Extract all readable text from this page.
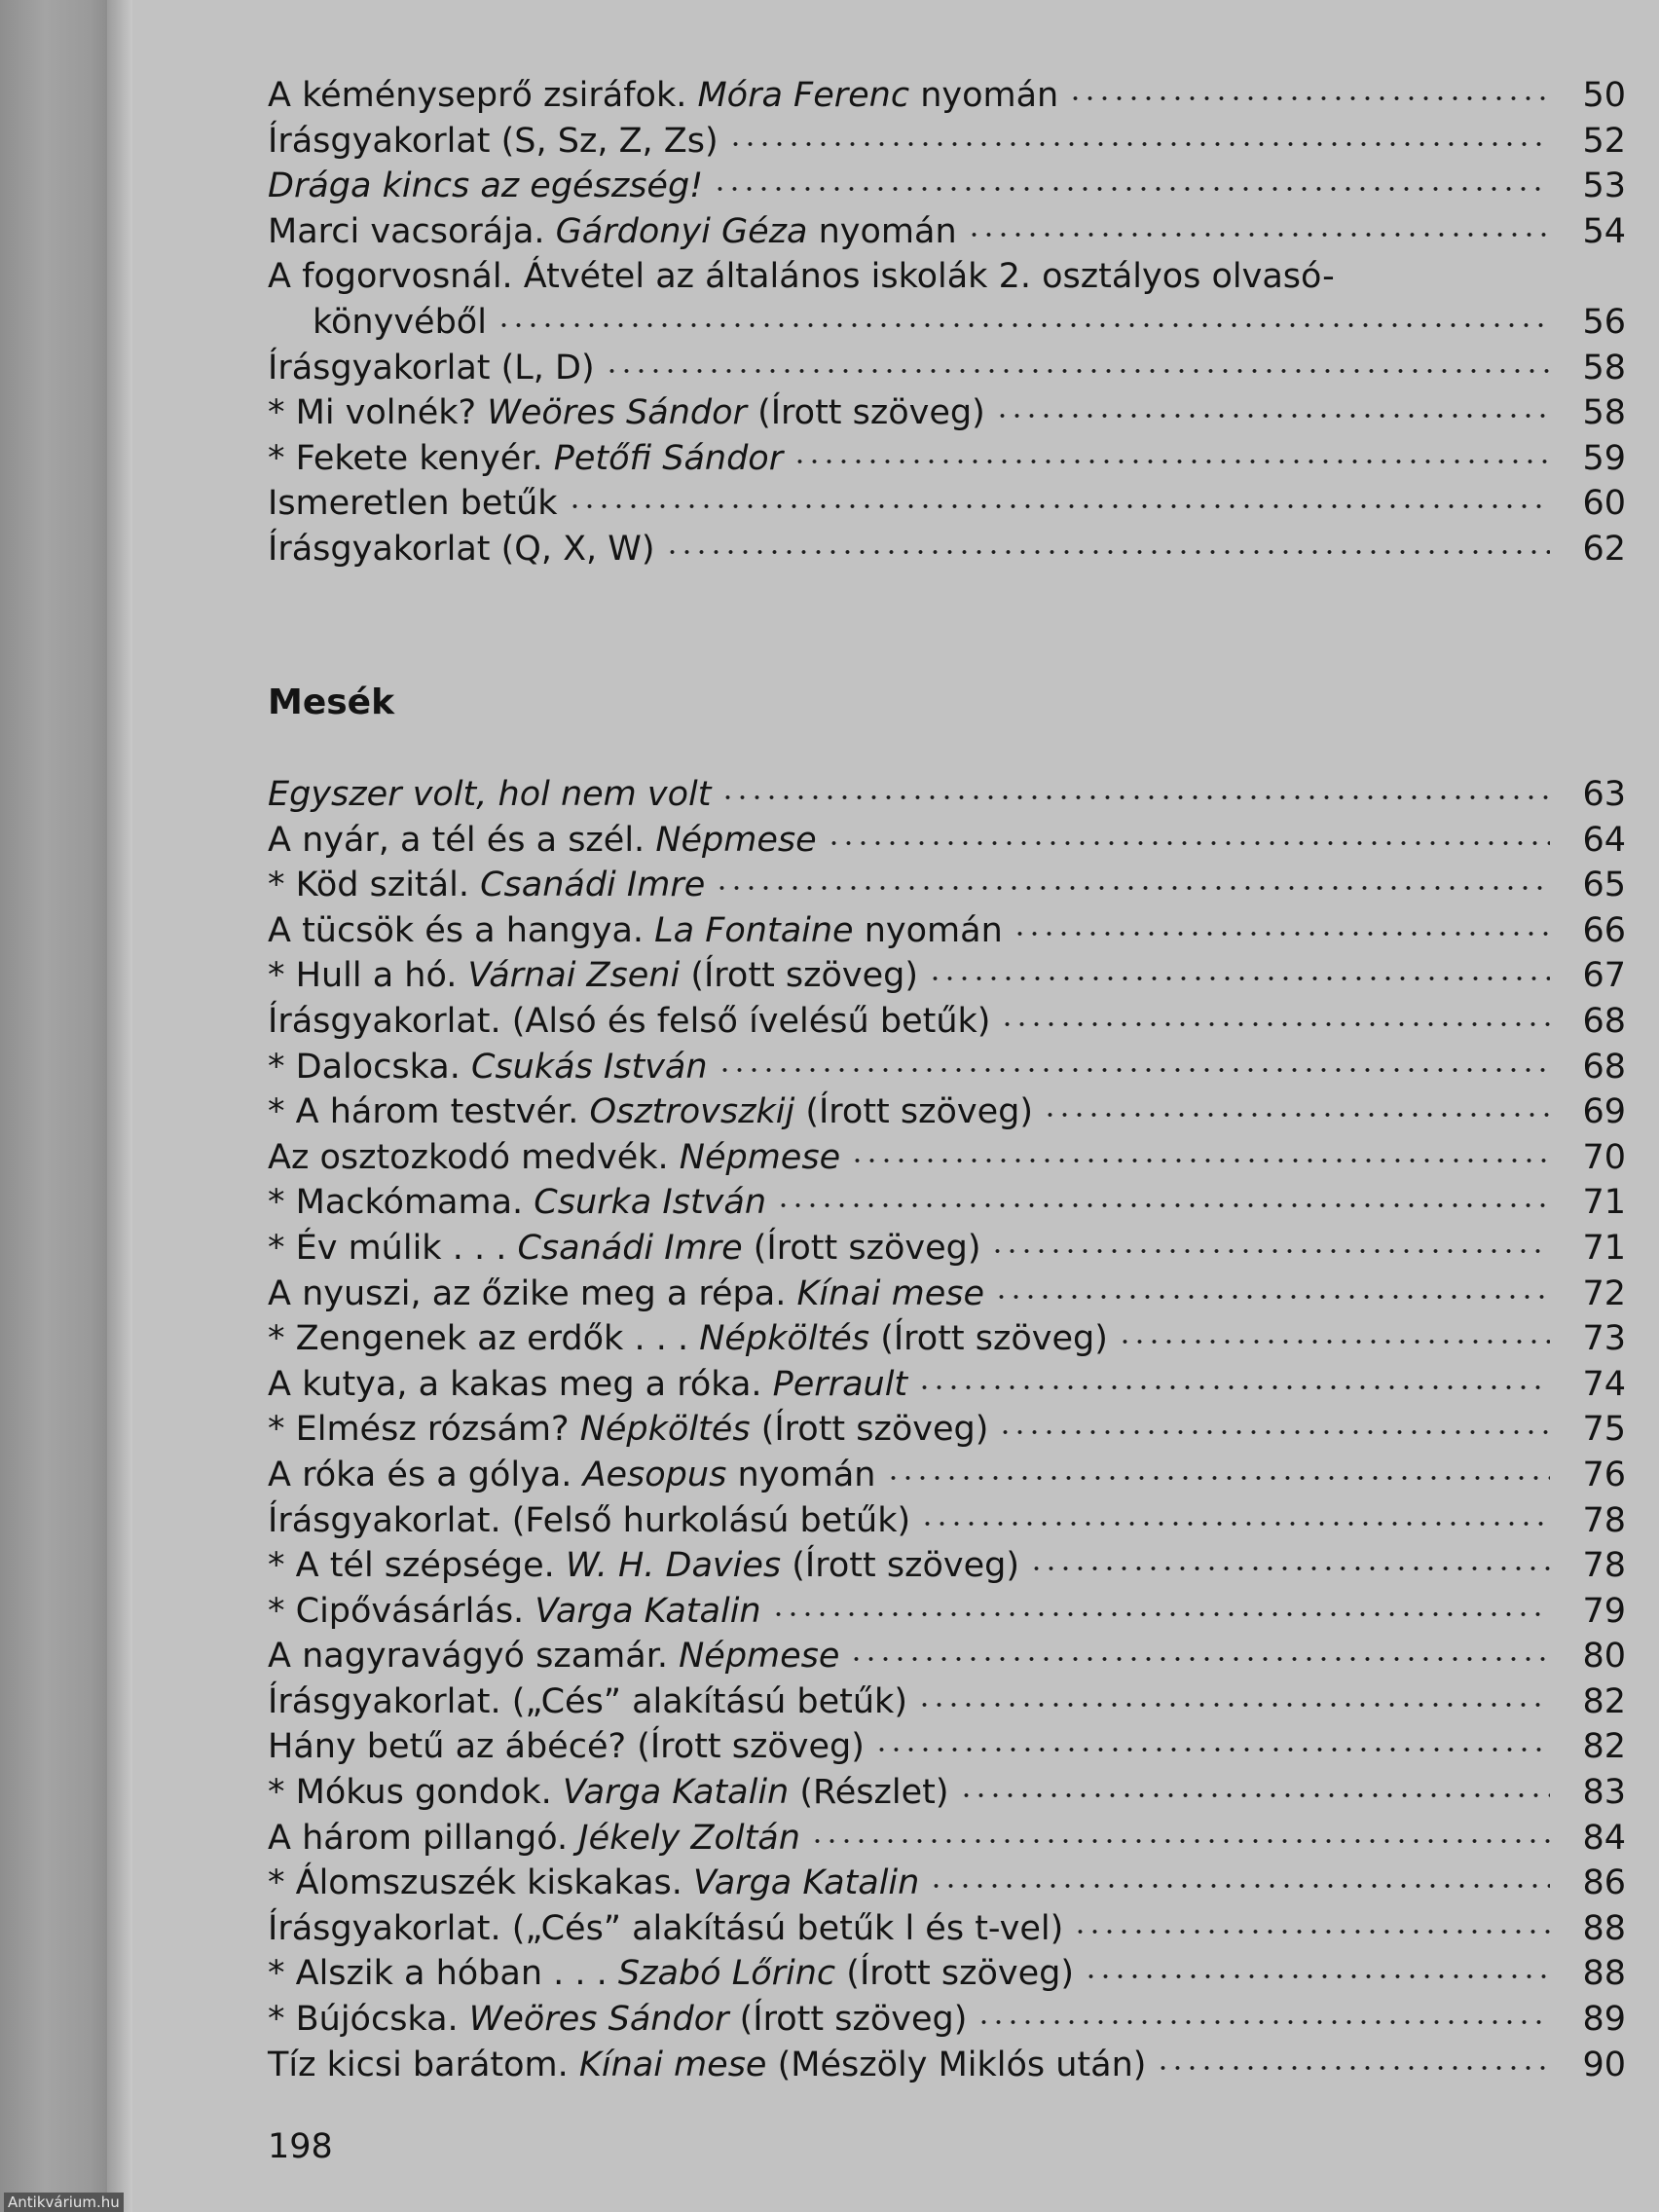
A kéményseprő zsiráfok. Móra Ferenc nyomán	50
Írásgyakorlat (S, Sz, Z, Zs)	52
Drága kincs az egészség!	53
Marci vacsorája. Gárdonyi Géza nyomán	54
A fogorvosnál. Átvétel az általános iskolák 2. osztályos olvasó-
könyvéből	56
Írásgyakorlat (L, D)	58
* Mi volnék? Weöres Sándor (Írott szöveg)	58
* Fekete kenyér. Petőfi Sándor	59
Ismeretlen betűk	60
Írásgyakorlat (Q, X, W)	62
Mesék
Egyszer volt, hol nem volt	63
A nyár, a tél és a szél. Népmese	64
* Köd szitál. Csanádi Imre	65
A tücsök és a hangya. La Fontaine nyomán	66
* Hull a hó. Várnai Zseni (Írott szöveg)	67
Írásgyakorlat. (Alsó és felső ívelésű betűk)	68
* Dalocska. Csukás István	68
* A három testvér. Osztrovszkij (Írott szöveg)	69
Az osztozkodó medvék. Népmese	70
* Mackómama. Csurka István	71
* Év múlik . . . Csanádi Imre (Írott szöveg)	71
A nyuszi, az őzike meg a répa. Kínai mese	72
* Zengenek az erdők . . . Népköltés (Írott szöveg)	73
A kutya, a kakas meg a róka. Perrault	74
* Elmész rózsám? Népköltés (Írott szöveg)	75
A róka és a gólya. Aesopus nyomán	76
Írásgyakorlat. (Felső hurkolású betűk)	78
* A tél szépsége. W. H. Davies (Írott szöveg)	78
* Cipővásárlás. Varga Katalin	79
A nagyravágyó szamár. Népmese	80
Írásgyakorlat. („Cés” alakítású betűk)	82
Hány betű az ábécé? (Írott szöveg)	82
* Mókus gondok. Varga Katalin (Részlet)	83
A három pillangó. Jékely Zoltán	84
* Álomszuszék kiskakas. Varga Katalin	86
Írásgyakorlat. („Cés” alakítású betűk l és t-vel)	88
* Alszik a hóban . . . Szabó Lőrinc (Írott szöveg)	88
* Bújócska. Weöres Sándor (Írott szöveg)	89
Tíz kicsi barátom. Kínai mese (Mészöly Miklós után)	90
198
Antikvárium.hu
